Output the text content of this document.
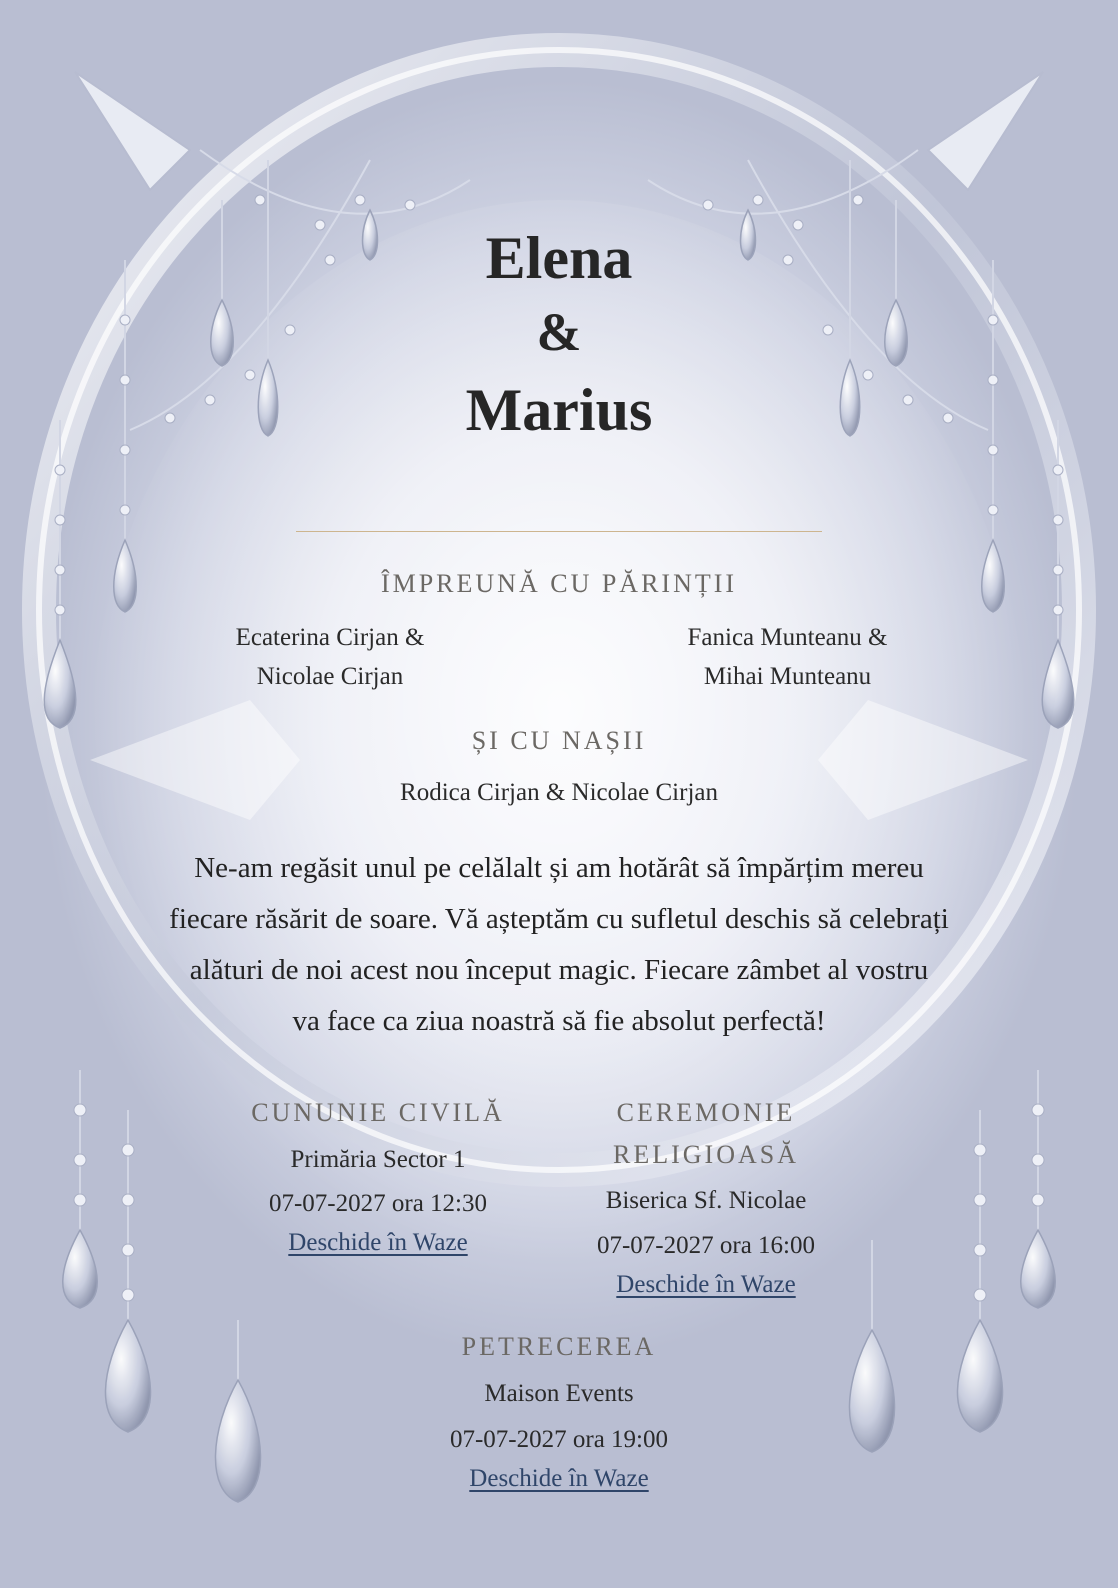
Elena
&
Marius
ÎMPREUNĂ CU PĂRINȚII
Ecaterina Cirjan &
Nicolae Cirjan
Fanica Munteanu &
Mihai Munteanu
ȘI CU NAȘII
Rodica Cirjan & Nicolae Cirjan
Ne-am regăsit unul pe celălalt și am hotărât să împărțim mereu
fiecare răsărit de soare. Vă așteptăm cu sufletul deschis să celebrați
alături de noi acest nou început magic. Fiecare zâmbet al vostru
va face ca ziua noastră să fie absolut perfectă!
CUNUNIE CIVILĂ
Primăria Sector 1
07-07-2027 ora 12:30
Deschide în Waze
CEREMONIE
RELIGIOASĂ
Biserica Sf. Nicolae
07-07-2027 ora 16:00
Deschide în Waze
PETRECEREA
Maison Events
07-07-2027 ora 19:00
Deschide în Waze
